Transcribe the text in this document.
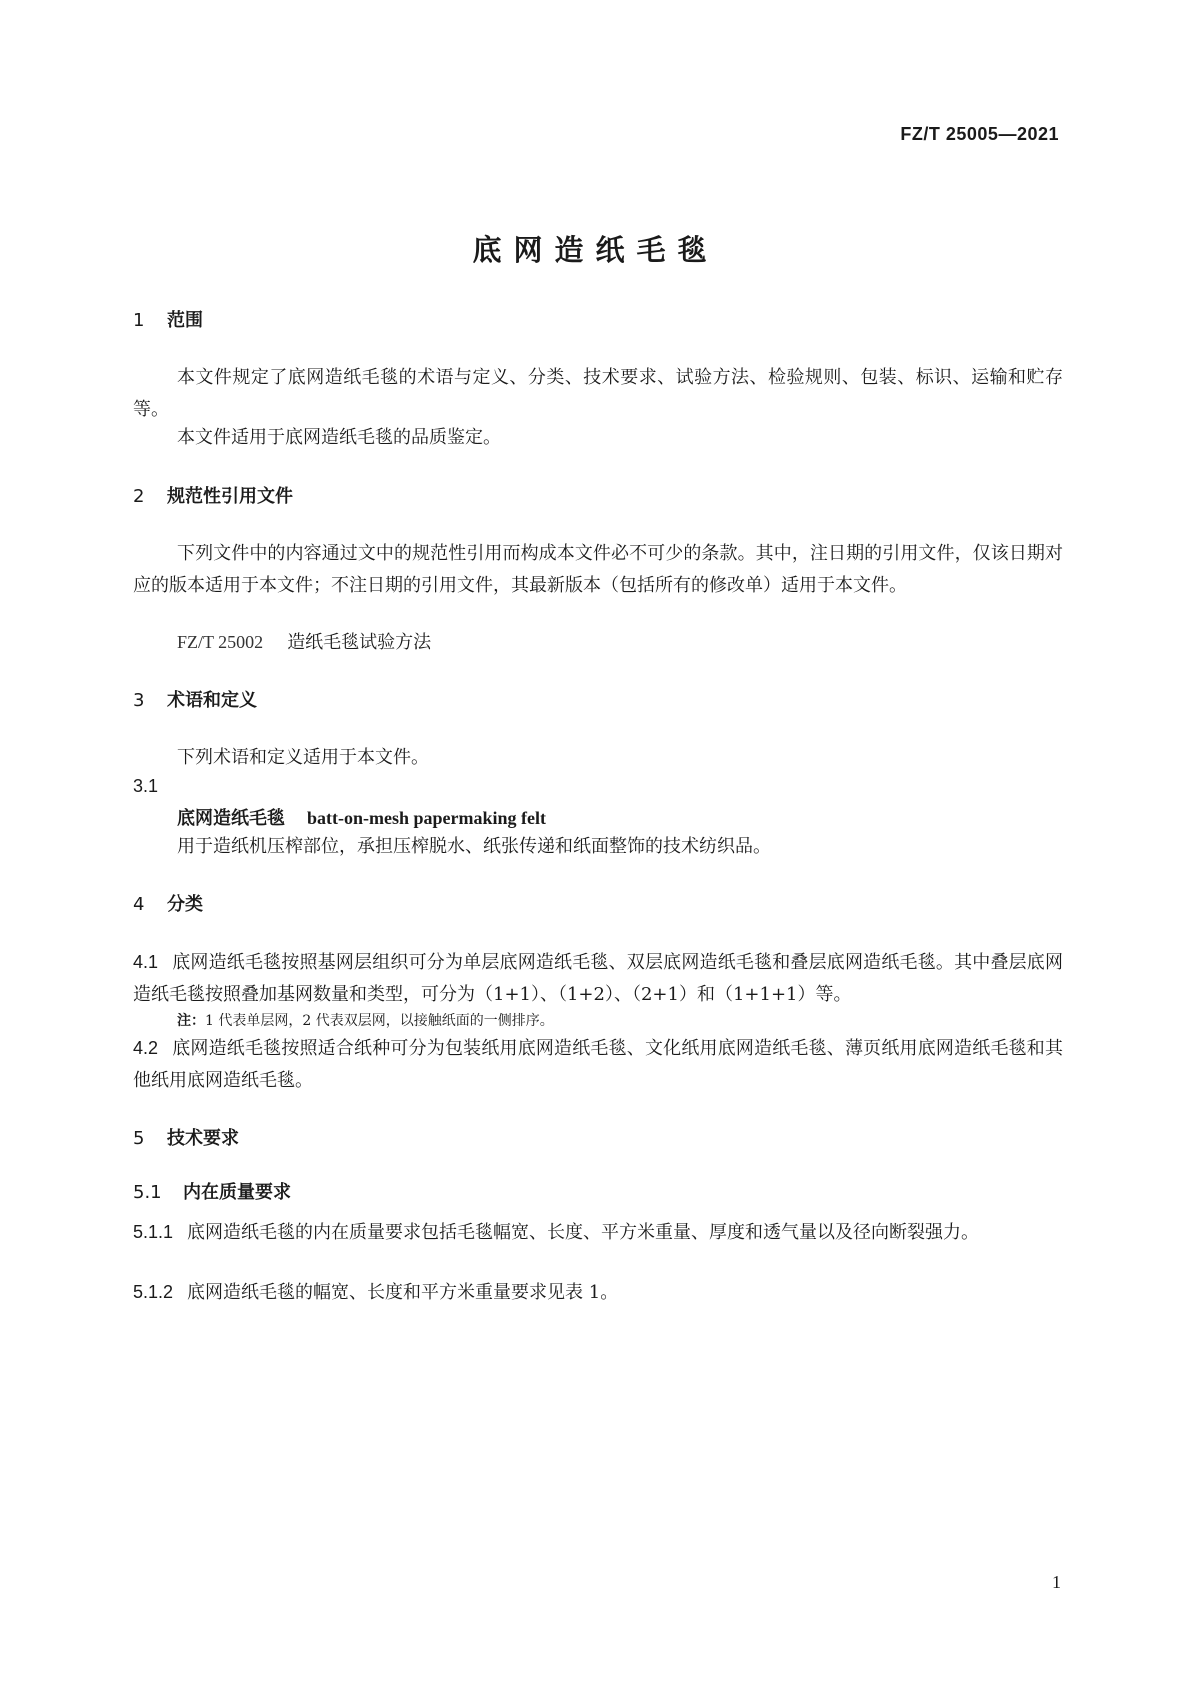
FZ/T 25005—2021
底网造纸毛毯
1 范围
本文件规定了底网造纸毛毯的术语与定义、分类、技术要求、试验方法、检验规则、包装、标识、运输和贮存等。
本文件适用于底网造纸毛毯的品质鉴定。
2 规范性引用文件
下列文件中的内容通过文中的规范性引用而构成本文件必不可少的条款。其中，注日期的引用文件，仅该日期对应的版本适用于本文件；不注日期的引用文件，其最新版本（包括所有的修改单）适用于本文件。
FZ/T 25002 造纸毛毯试验方法
3 术语和定义
下列术语和定义适用于本文件。
3.1
底网造纸毛毯 batt-on-mesh papermaking felt
用于造纸机压榨部位，承担压榨脱水、纸张传递和纸面整饰的技术纺织品。
4 分类
4.1 底网造纸毛毯按照基网层组织可分为单层底网造纸毛毯、双层底网造纸毛毯和叠层底网造纸毛毯。其中叠层底网造纸毛毯按照叠加基网数量和类型，可分为（1+1）、（1+2）、（2+1）和（1+1+1）等。
注：1 代表单层网，2 代表双层网，以接触纸面的一侧排序。
4.2 底网造纸毛毯按照适合纸种可分为包装纸用底网造纸毛毯、文化纸用底网造纸毛毯、薄页纸用底网造纸毛毯和其他纸用底网造纸毛毯。
5 技术要求
5.1 内在质量要求
5.1.1 底网造纸毛毯的内在质量要求包括毛毯幅宽、长度、平方米重量、厚度和透气量以及径向断裂强力。
5.1.2 底网造纸毛毯的幅宽、长度和平方米重量要求见表 1。
1
